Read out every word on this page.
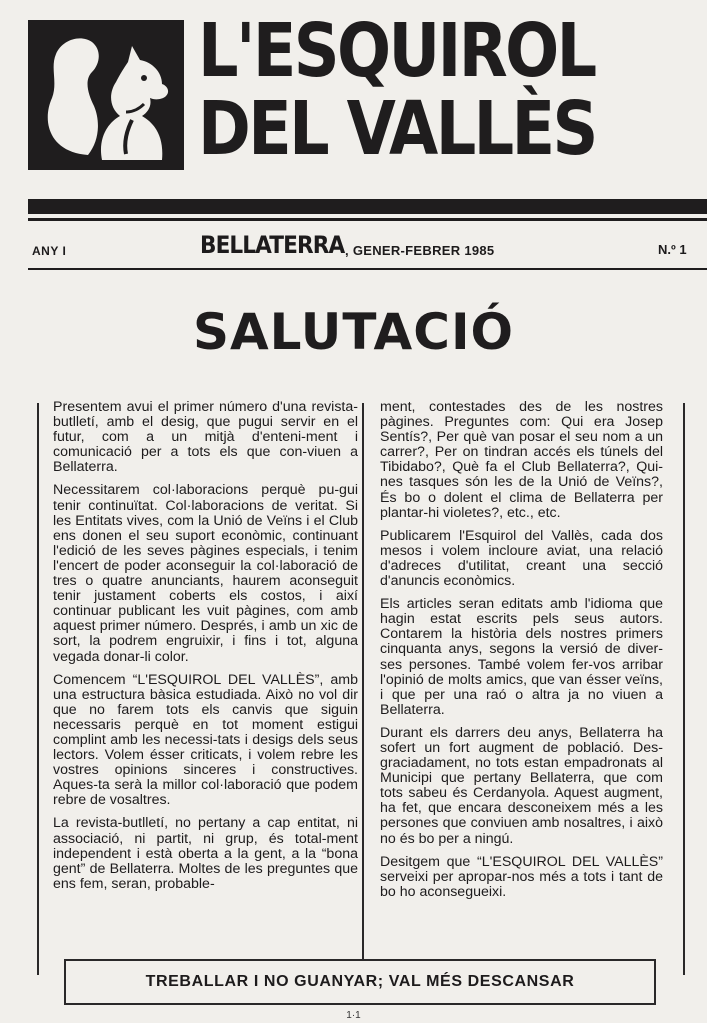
L'ESQUIROL
DEL VALLÈS
ANY I	BELLATERRA , GENER-FEBRER 1985	N.º 1
SALUTACIÓ

Presentem avui el primer número d'una revista-butlletí, amb el desig, que pugui servir en el futur, com a un mitjà d'enteni-ment i comunicació per a tots els que con-viuen a Bellaterra.

Necessitarem col·laboracions perquè pu-gui tenir continuïtat. Col·laboracions de veritat. Si les Entitats vives, com la Unió de Veïns i el Club ens donen el seu suport econòmic, continuant l'edició de les seves pàgines especials, i tenim l'encert de poder aconseguir la col·laboració de tres o quatre anunciants, haurem aconseguit tenir justament coberts els costos, i així continuar publicant les vuit pàgines, com amb aquest primer número. Després, i amb un xic de sort, la podrem engruixir, i fins i tot, alguna vegada donar-li color.

Comencem “L'ESQUIROL DEL VALLÈS”, amb una estructura bàsica estudiada. Això no vol dir que no farem tots els canvis que siguin necessaris perquè en tot moment estigui complint amb les necessi-tats i desigs dels seus lectors. Volem ésser criticats, i volem rebre les vostres opinions sinceres i constructives. Aques-ta serà la millor col·laboració que podem rebre de vosaltres.

La revista-butlletí, no pertany a cap entitat, ni associació, ni partit, ni grup, és total-ment independent i està oberta a la gent, a la “bona gent” de Bellaterra. Moltes de les preguntes que ens fem, seran, probable-

ment, contestades des de les nostres pàgines. Preguntes com: Qui era Josep Sentís?, Per què van posar el seu nom a un carrer?, Per on tindran accés els túnels del Tibidabo?, Què fa el Club Bellaterra?, Qui-nes tasques són les de la Unió de Veïns?, És bo o dolent el clima de Bellaterra per plantar-hi violetes?, etc., etc.

Publicarem l'Esquirol del Vallès, cada dos mesos i volem incloure aviat, una relació d'adreces d'utilitat, creant una secció d'anuncis econòmics.

Els articles seran editats amb l'idioma que hagin estat escrits pels seus autors. Contarem la història dels nostres primers cinquanta anys, segons la versió de diver-ses persones. També volem fer-vos arribar l'opinió de molts amics, que van ésser veïns, i que per una raó o altra ja no viuen a Bellaterra.

Durant els darrers deu anys, Bellaterra ha sofert un fort augment de població. Des-graciadament, no tots estan empadronats al Municipi que pertany Bellaterra, que com tots sabeu és Cerdanyola. Aquest augment, ha fet, que encara desconeixem més a les persones que conviuen amb nosaltres, i això no és bo per a ningú.

Desitgem que “L'ESQUIROL DEL VALLÈS” serveixi per apropar-nos més a tots i tant de bo ho aconsegueixi.

TREBALLAR I NO GUANYAR; VAL MÉS DESCANSAR
1·1
